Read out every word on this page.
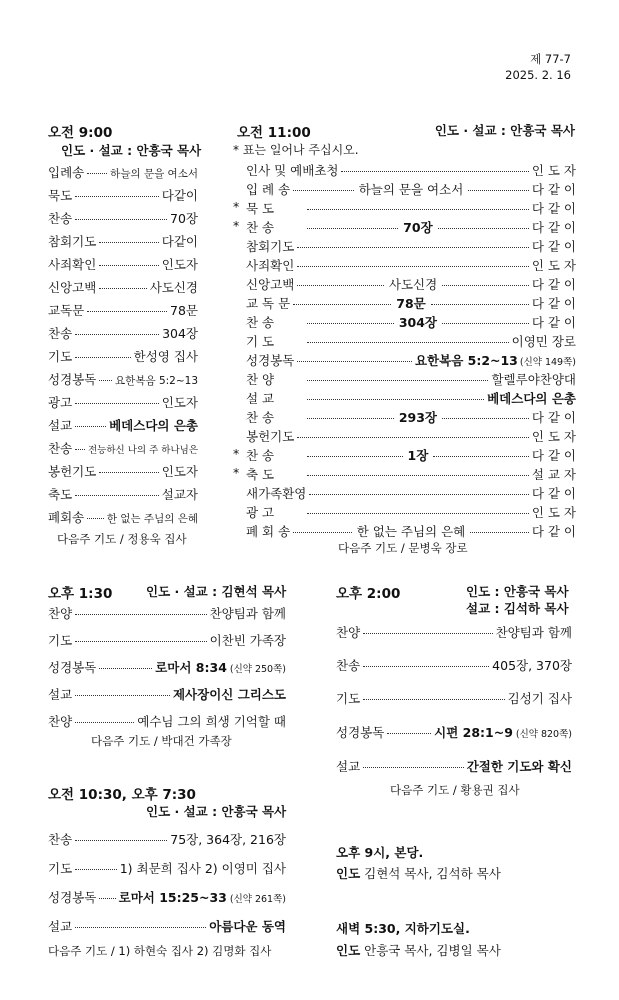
제 77-7
2025. 2. 16
오전 9:00
인도 · 설교 : 안흥국 목사
입례송 하늘의 문을 여소서
묵도	다같이
찬송	70장
참회기도	다같이
사죄확인	인도자
신앙고백	사도신경
교독문	78문
찬송	304장
기도	한성영 집사
성경봉독 요한복음 5:2~13
광고	인도자
설교	베데스다의 은총
찬송 전능하신 나의 주 하나님은
봉헌기도	인도자
축도	설교자
폐회송 한 없는 주님의 은혜
다음주 기도 / 정용욱 집사
오전 11:00	인도 · 설교 : 안흥국 목사
* 표는 일어나 주십시오.
인사 및 예배초청	인 도 자
입 례 송	하늘의 문을 여소서	다 같 이
* 묵 도	다 같 이
* 찬 송	70장	다 같 이
참회기도	다 같 이
사죄확인	인 도 자
신앙고백	사도신경	다 같 이
교 독 문	78문	다 같 이
찬 송	304장	다 같 이
기 도	이영민 장로
성경봉독	요한복음 5:2~13 (신약 149쪽)
찬 양	할렐루야찬양대
설 교	베데스다의 은총
찬 송	293장	다 같 이
봉헌기도	인 도 자
* 찬 송	1장	다 같 이
* 축 도	설 교 자
새가족환영	다 같 이
광 고	인 도 자
폐 회 송	한 없는 주님의 은혜	다 같 이
다음주 기도 / 문병욱 장로
오후 1:30	인도 · 설교 : 김현석 목사
찬양	찬양팀과 함께
기도	이찬빈 가족장
성경봉독	로마서 8:34 (신약 250쪽)
설교	제사장이신 그리스도
찬양	예수님 그의 희생 기억할 때
다음주 기도 / 박대건 가족장
오후 2:00	인도 : 안흥국 목사
설교 : 김석하 목사
찬양	찬양팀과 함께
찬송	405장, 370장
기도	김성기 집사
성경봉독	시편 28:1~9 (신약 820쪽)
설교	간절한 기도와 확신
다음주 기도 / 황용권 집사
오전 10:30, 오후 7:30
인도 · 설교 : 안흥국 목사
찬송	75장, 364장, 216장
기도	1) 최문희 집사 2) 이영미 집사
성경봉독 로마서 15:25~33 (신약 261쪽)
설교	아름다운 동역
다음주 기도 / 1) 하현숙 집사 2) 김명화 집사
오후 9시, 본당.
인도 김현석 목사, 김석하 목사
새벽 5:30, 지하기도실.
인도 안흥국 목사, 김병일 목사
